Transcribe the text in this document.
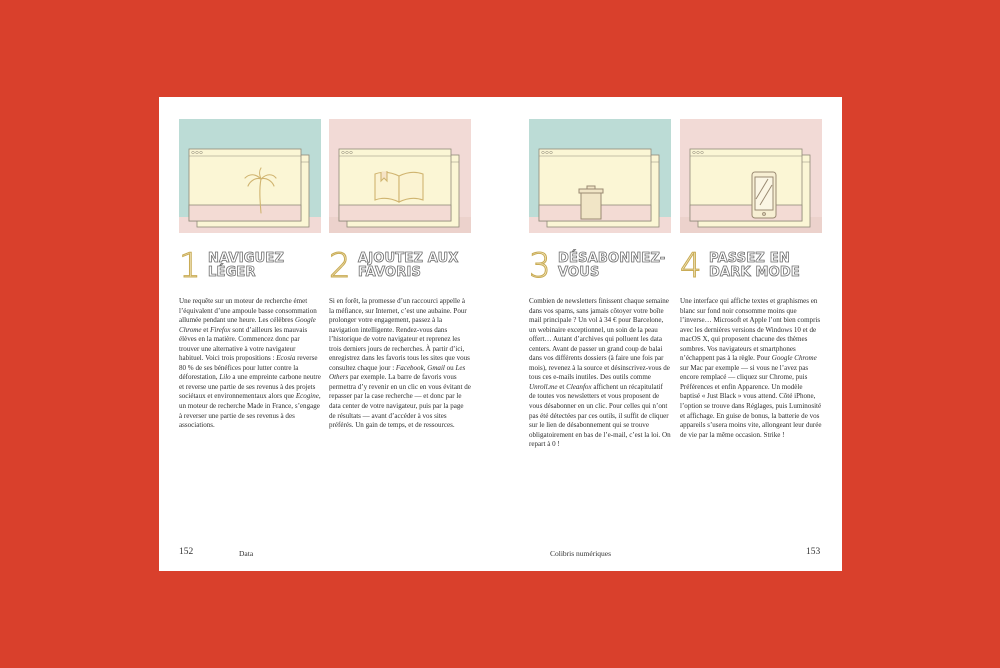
1 NAVIGUEZ
LÉGER
Une requête sur un moteur de recherche émet l’équivalent d’une ampoule basse consommation allumée pendant une heure. Les célèbres Google Chrome et Firefox sont d’ailleurs les mauvais élèves en la matière. Commencez donc par trouver une alternative à votre navigateur habituel. Voici trois propositions : Ecosia reverse 80 % de ses bénéfices pour lutter contre la déforestation, Lilo a une empreinte carbone neutre et reverse une partie de ses revenus à des projets sociétaux et environnementaux alors que Ecogine, un moteur de recherche Made in France, s’engage à reverser une partie de ses revenus à des associations.
2 AJOUTEZ AUX
FAVORIS
Si en forêt, la promesse d’un raccourci appelle à la méfiance, sur Internet, c’est une aubaine. Pour prolonger votre engagement, passez à la navigation intelligente. Rendez-vous dans l’historique de votre navigateur et reprenez les trois derniers jours de recherches. À partir d’ici, enregistrez dans les favoris tous les sites que vous consultez chaque jour : Facebook, Gmail ou Les Others par exemple. La barre de favoris vous permettra d’y revenir en un clic en vous évitant de repasser par la case recherche — et donc par le data center de votre navigateur, puis par la page de résultats — avant d’accéder à vos sites préférés. Un gain de temps, et de ressources.
152	Data
3 DÉSABONNEZ-
VOUS
Combien de newsletters finissent chaque semaine dans vos spams, sans jamais côtoyer votre boîte mail principale ? Un vol à 34 € pour Barcelone, un webinaire exceptionnel, un soin de la peau offert… Autant d’archives qui polluent les data centers. Avant de passer un grand coup de balai dans vos différents dossiers (à faire une fois par mois), revenez à la source et désinscrivez-vous de tous ces e-mails inutiles. Des outils comme Unroll.me et Cleanfox affichent un récapitulatif de toutes vos newsletters et vous proposent de vous désabonner en un clic. Pour celles qui n’ont pas été détectées par ces outils, il suffit de cliquer sur le lien de désabonnement qui se trouve obligatoirement en bas de l’e-mail, c’est la loi. On repart à 0 !
4 PASSEZ EN
DARK MODE
Une interface qui affiche textes et graphismes en blanc sur fond noir consomme moins que l’inverse… Microsoft et Apple l’ont bien compris avec les dernières versions de Windows 10 et de macOS X, qui proposent chacune des thèmes sombres. Vos navigateurs et smartphones n’échappent pas à la règle. Pour Google Chrome sur Mac par exemple — si vous ne l’avez pas encore remplacé — cliquez sur Chrome, puis Préférences et enfin Apparence. Un modèle baptisé « Just Black » vous attend. Côté iPhone, l’option se trouve dans Réglages, puis Luminosité et affichage. En guise de bonus, la batterie de vos appareils s’usera moins vite, allongeant leur durée de vie par la même occasion. Strike !
Colibris numériques	153
